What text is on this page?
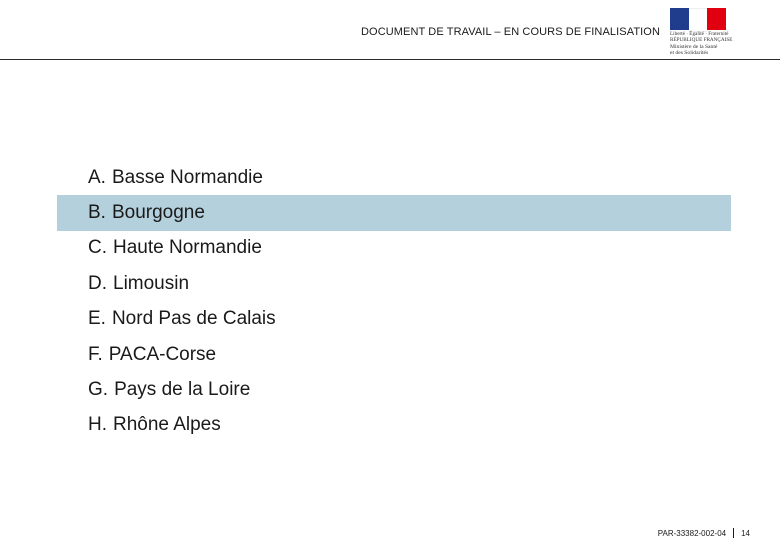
DOCUMENT DE TRAVAIL – EN COURS DE FINALISATION Liberté · Égalité · Fraternité
RÉPUBLIQUE FRANÇAISE
Ministère de la Santé
et des Solidarités
A. Basse Normandie
B. Bourgogne
C. Haute Normandie
D. Limousin
E. Nord Pas de Calais
F. PACA-Corse
G. Pays de la Loire
H. Rhône Alpes
PAR-33382-002-04 14
